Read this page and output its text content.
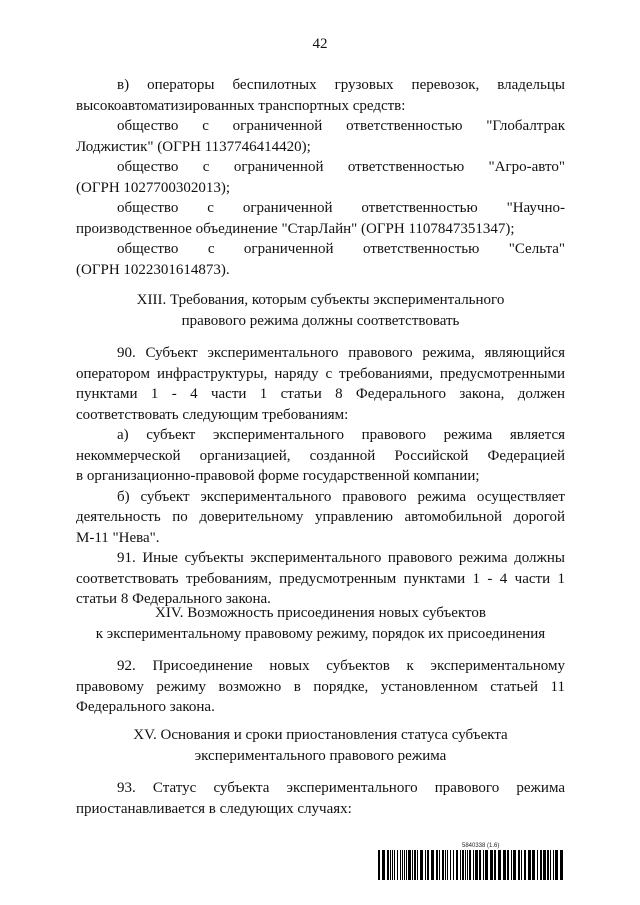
42

в) операторы беспилотных грузовых перевозок, владельцы

высокоавтоматизированных транспортных средств:

общество с ограниченной ответственностью "Глобалтрак

Лоджистик" (ОГРН 1137746414420);

общество с ограниченной ответственностью "Агро-авто"

(ОГРН 1027700302013);

общество с ограниченной ответственностью "Научно-

производственное объединение "СтарЛайн" (ОГРН 1107847351347);

общество с ограниченной ответственностью "Сельта"

(ОГРН 1022301614873).

XIII. Требования, которым субъекты экспериментального

правового режима должны соответствовать

90. Субъект экспериментального правового режима, являющийся

оператором инфраструктуры, наряду с требованиями, предусмотренными

пунктами 1 - 4 части 1 статьи 8 Федерального закона, должен

соответствовать следующим требованиям:

а) субъект экспериментального правового режима является

некоммерческой организацией, созданной Российской Федерацией

в организационно-правовой форме государственной компании;

б) субъект экспериментального правового режима осуществляет

деятельность по доверительному управлению автомобильной дорогой

М-11 "Нева".

91. Иные субъекты экспериментального правового режима должны

соответствовать требованиям, предусмотренным пунктами 1 - 4 части 1

статьи 8 Федерального закона.

XIV. Возможность присоединения новых субъектов

к экспериментальному правовому режиму, порядок их присоединения

92. Присоединение новых субъектов к экспериментальному

правовому режиму возможно в порядке, установленном статьей 11

Федерального закона.

XV. Основания и сроки приостановления статуса субъекта

экспериментального правового режима

93. Статус субъекта экспериментального правового режима

приостанавливается в следующих случаях:

5840338 (1.6)
